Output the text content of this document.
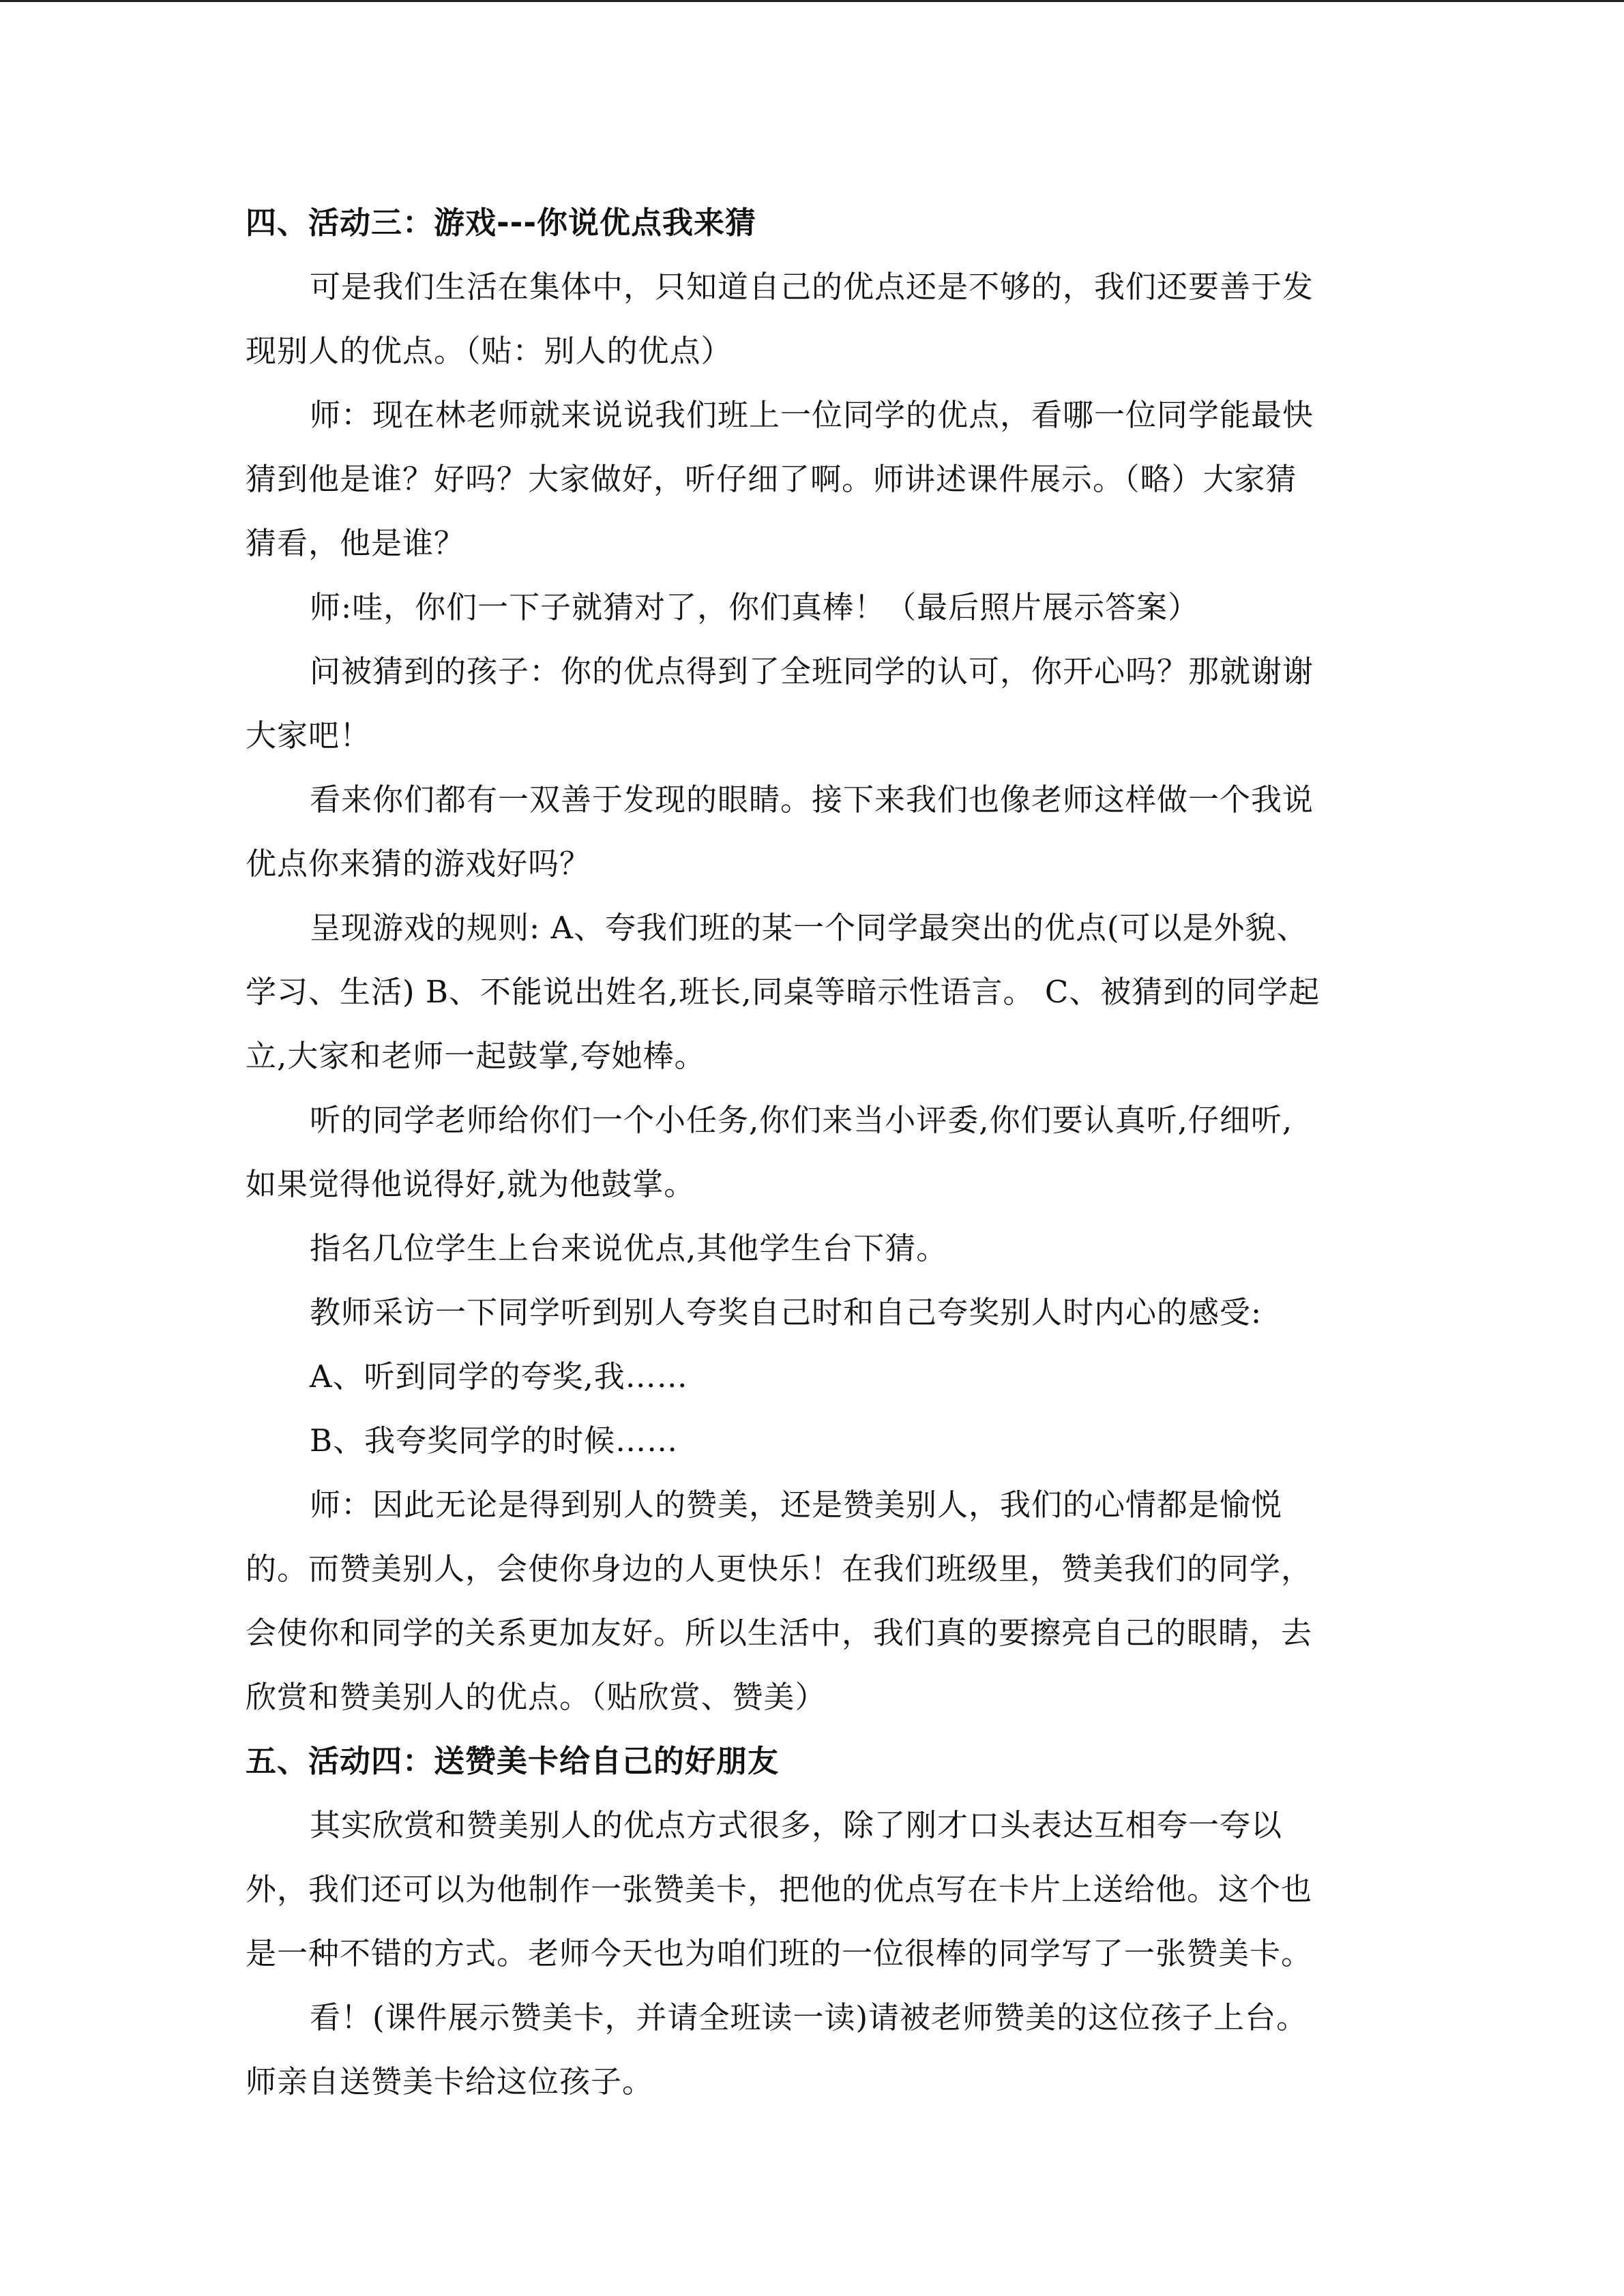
四、活动三：游戏---你说优点我来猜
可是我们生活在集体中，只知道自己的优点还是不够的，我们还要善于发
现别人的优点。（贴：别人的优点）
师：现在林老师就来说说我们班上一位同学的优点，看哪一位同学能最快
猜到他是谁？好吗？大家做好，听仔细了啊。师讲述课件展示。（略）大家猜
猜看，他是谁？
师:哇，你们一下子就猜对了，你们真棒！（最后照片展示答案）
问被猜到的孩子：你的优点得到了全班同学的认可，你开心吗？那就谢谢
大家吧！
看来你们都有一双善于发现的眼睛。接下来我们也像老师这样做一个我说
优点你来猜的游戏好吗？
呈现游戏的规则: A、夸我们班的某一个同学最突出的优点(可以是外貌、
学习、生活) B、不能说出姓名,班长,同桌等暗示性语言。 C、被猜到的同学起
立,大家和老师一起鼓掌,夸她棒。
听的同学老师给你们一个小任务,你们来当小评委,你们要认真听,仔细听,
如果觉得他说得好,就为他鼓掌。
指名几位学生上台来说优点,其他学生台下猜。
教师采访一下同学听到别人夸奖自己时和自己夸奖别人时内心的感受:
A、听到同学的夸奖,我……
B、我夸奖同学的时候……
师：因此无论是得到别人的赞美，还是赞美别人，我们的心情都是愉悦
的。而赞美别人，会使你身边的人更快乐！在我们班级里，赞美我们的同学，
会使你和同学的关系更加友好。所以生活中，我们真的要擦亮自己的眼睛，去
欣赏和赞美别人的优点。（贴欣赏、赞美）
五、活动四：送赞美卡给自己的好朋友
其实欣赏和赞美别人的优点方式很多，除了刚才口头表达互相夸一夸以
外，我们还可以为他制作一张赞美卡，把他的优点写在卡片上送给他。这个也
是一种不错的方式。老师今天也为咱们班的一位很棒的同学写了一张赞美卡。
看！(课件展示赞美卡，并请全班读一读)请被老师赞美的这位孩子上台。
师亲自送赞美卡给这位孩子。
